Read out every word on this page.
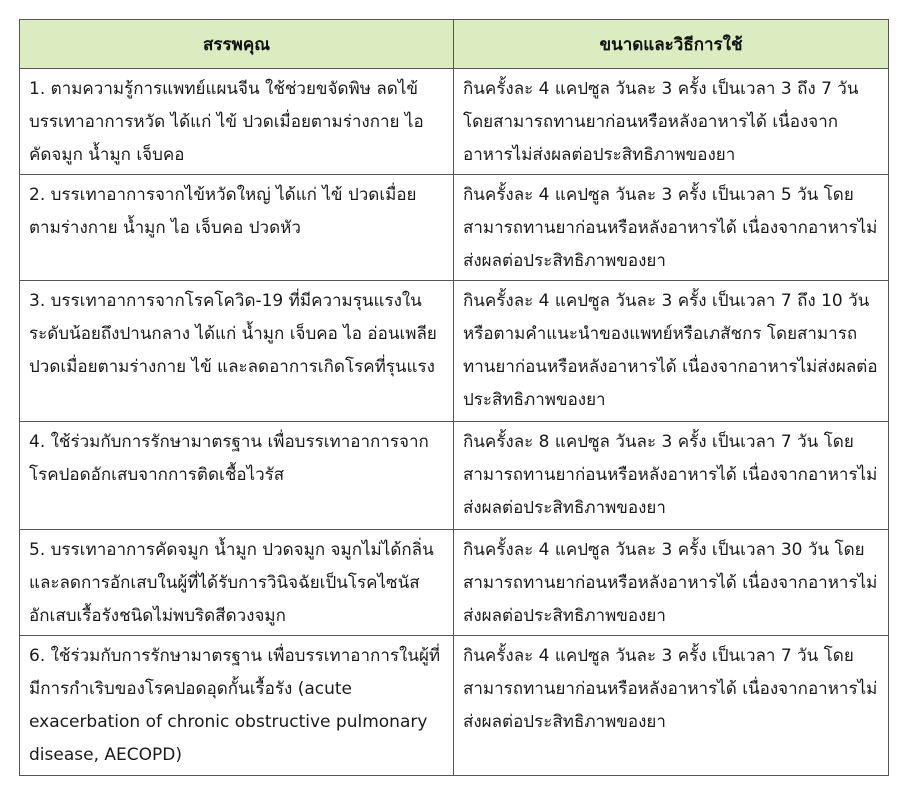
สรรพคุณ	ขนาดและวิธีการใช้
1. ตามความรู้การแพทย์แผนจีน ใช้ช่วยขจัดพิษ ลดไข้ บรรเทาอาการหวัด ได้แก่ ไข้ ปวดเมื่อยตามร่างกาย ไอ คัดจมูก น้ำมูก เจ็บคอ	กินครั้งละ 4 แคปซูล วันละ 3 ครั้ง เป็นเวลา 3 ถึง 7 วัน โดยสามารถทานยาก่อนหรือหลังอาหารได้ เนื่องจากอาหารไม่ส่งผลต่อประสิทธิภาพของยา
2. บรรเทาอาการจากไข้หวัดใหญ่ ได้แก่ ไข้ ปวดเมื่อยตามร่างกาย น้ำมูก ไอ เจ็บคอ ปวดหัว	กินครั้งละ 4 แคปซูล วันละ 3 ครั้ง เป็นเวลา 5 วัน โดยสามารถทานยาก่อนหรือหลังอาหารได้ เนื่องจากอาหารไม่ส่งผลต่อประสิทธิภาพของยา
3. บรรเทาอาการจากโรคโควิด-19 ที่มีความรุนแรงในระดับน้อยถึงปานกลาง ได้แก่ น้ำมูก เจ็บคอ ไอ อ่อนเพลีย ปวดเมื่อยตามร่างกาย ไข้ และลดอาการเกิดโรคที่รุนแรง	กินครั้งละ 4 แคปซูล วันละ 3 ครั้ง เป็นเวลา 7 ถึง 10 วัน หรือตามคำแนะนำของแพทย์หรือเภสัชกร โดยสามารถทานยาก่อนหรือหลังอาหารได้ เนื่องจากอาหารไม่ส่งผลต่อประสิทธิภาพของยา
4. ใช้ร่วมกับการรักษามาตรฐาน เพื่อบรรเทาอาการจากโรคปอดอักเสบจากการติดเชื้อไวรัส	กินครั้งละ 8 แคปซูล วันละ 3 ครั้ง เป็นเวลา 7 วัน โดยสามารถทานยาก่อนหรือหลังอาหารได้ เนื่องจากอาหารไม่ส่งผลต่อประสิทธิภาพของยา
5. บรรเทาอาการคัดจมูก น้ำมูก ปวดจมูก จมูกไม่ได้กลิ่น และลดการอักเสบในผู้ที่ได้รับการวินิจฉัยเป็นโรคไซนัสอักเสบเรื้อรังชนิดไม่พบริดสีดวงจมูก	กินครั้งละ 4 แคปซูล วันละ 3 ครั้ง เป็นเวลา 30 วัน โดยสามารถทานยาก่อนหรือหลังอาหารได้ เนื่องจากอาหารไม่ส่งผลต่อประสิทธิภาพของยา
6. ใช้ร่วมกับการรักษามาตรฐาน เพื่อบรรเทาอาการในผู้ที่มีการกำเริบของโรคปอดอุดกั้นเรื้อรัง (acute exacerbation of chronic obstructive pulmonary disease, AECOPD)	กินครั้งละ 4 แคปซูล วันละ 3 ครั้ง เป็นเวลา 7 วัน โดยสามารถทานยาก่อนหรือหลังอาหารได้ เนื่องจากอาหารไม่ส่งผลต่อประสิทธิภาพของยา
